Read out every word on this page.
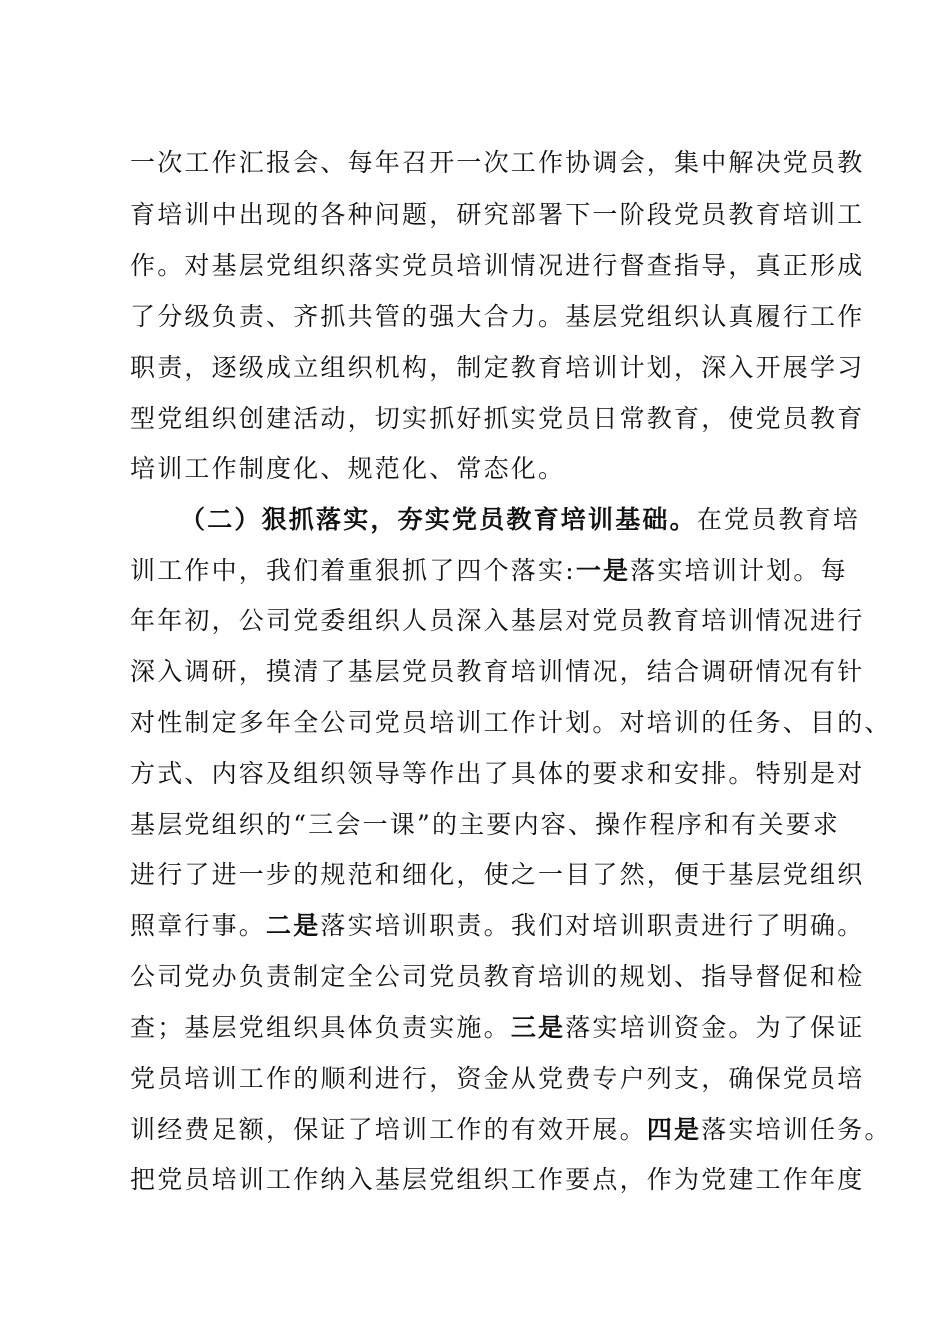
一次工作汇报会、每年召开一次工作协调会，集中解决党员教
育培训中出现的各种问题，研究部署下一阶段党员教育培训工
作。对基层党组织落实党员培训情况进行督查指导，真正形成
了分级负责、齐抓共管的强大合力。基层党组织认真履行工作
职责，逐级成立组织机构，制定教育培训计划，深入开展学习
型党组织创建活动，切实抓好抓实党员日常教育，使党员教育
培训工作制度化、规范化、常态化。
（二）狠抓落实，夯实党员教育培训基础。在党员教育培
训工作中，我们着重狠抓了四个落实:一是落实培训计划。每
年年初，公司党委组织人员深入基层对党员教育培训情况进行
深入调研，摸清了基层党员教育培训情况，结合调研情况有针
对性制定多年全公司党员培训工作计划。对培训的任务、目的、
方式、内容及组织领导等作出了具体的要求和安排。特别是对
基层党组织的“三会一课”的主要内容、操作程序和有关要求
进行了进一步的规范和细化，使之一目了然，便于基层党组织
照章行事。二是落实培训职责。我们对培训职责进行了明确。
公司党办负责制定全公司党员教育培训的规划、指导督促和检
查；基层党组织具体负责实施。三是落实培训资金。为了保证
党员培训工作的顺利进行，资金从党费专户列支，确保党员培
训经费足额，保证了培训工作的有效开展。四是落实培训任务。
把党员培训工作纳入基层党组织工作要点，作为党建工作年度
